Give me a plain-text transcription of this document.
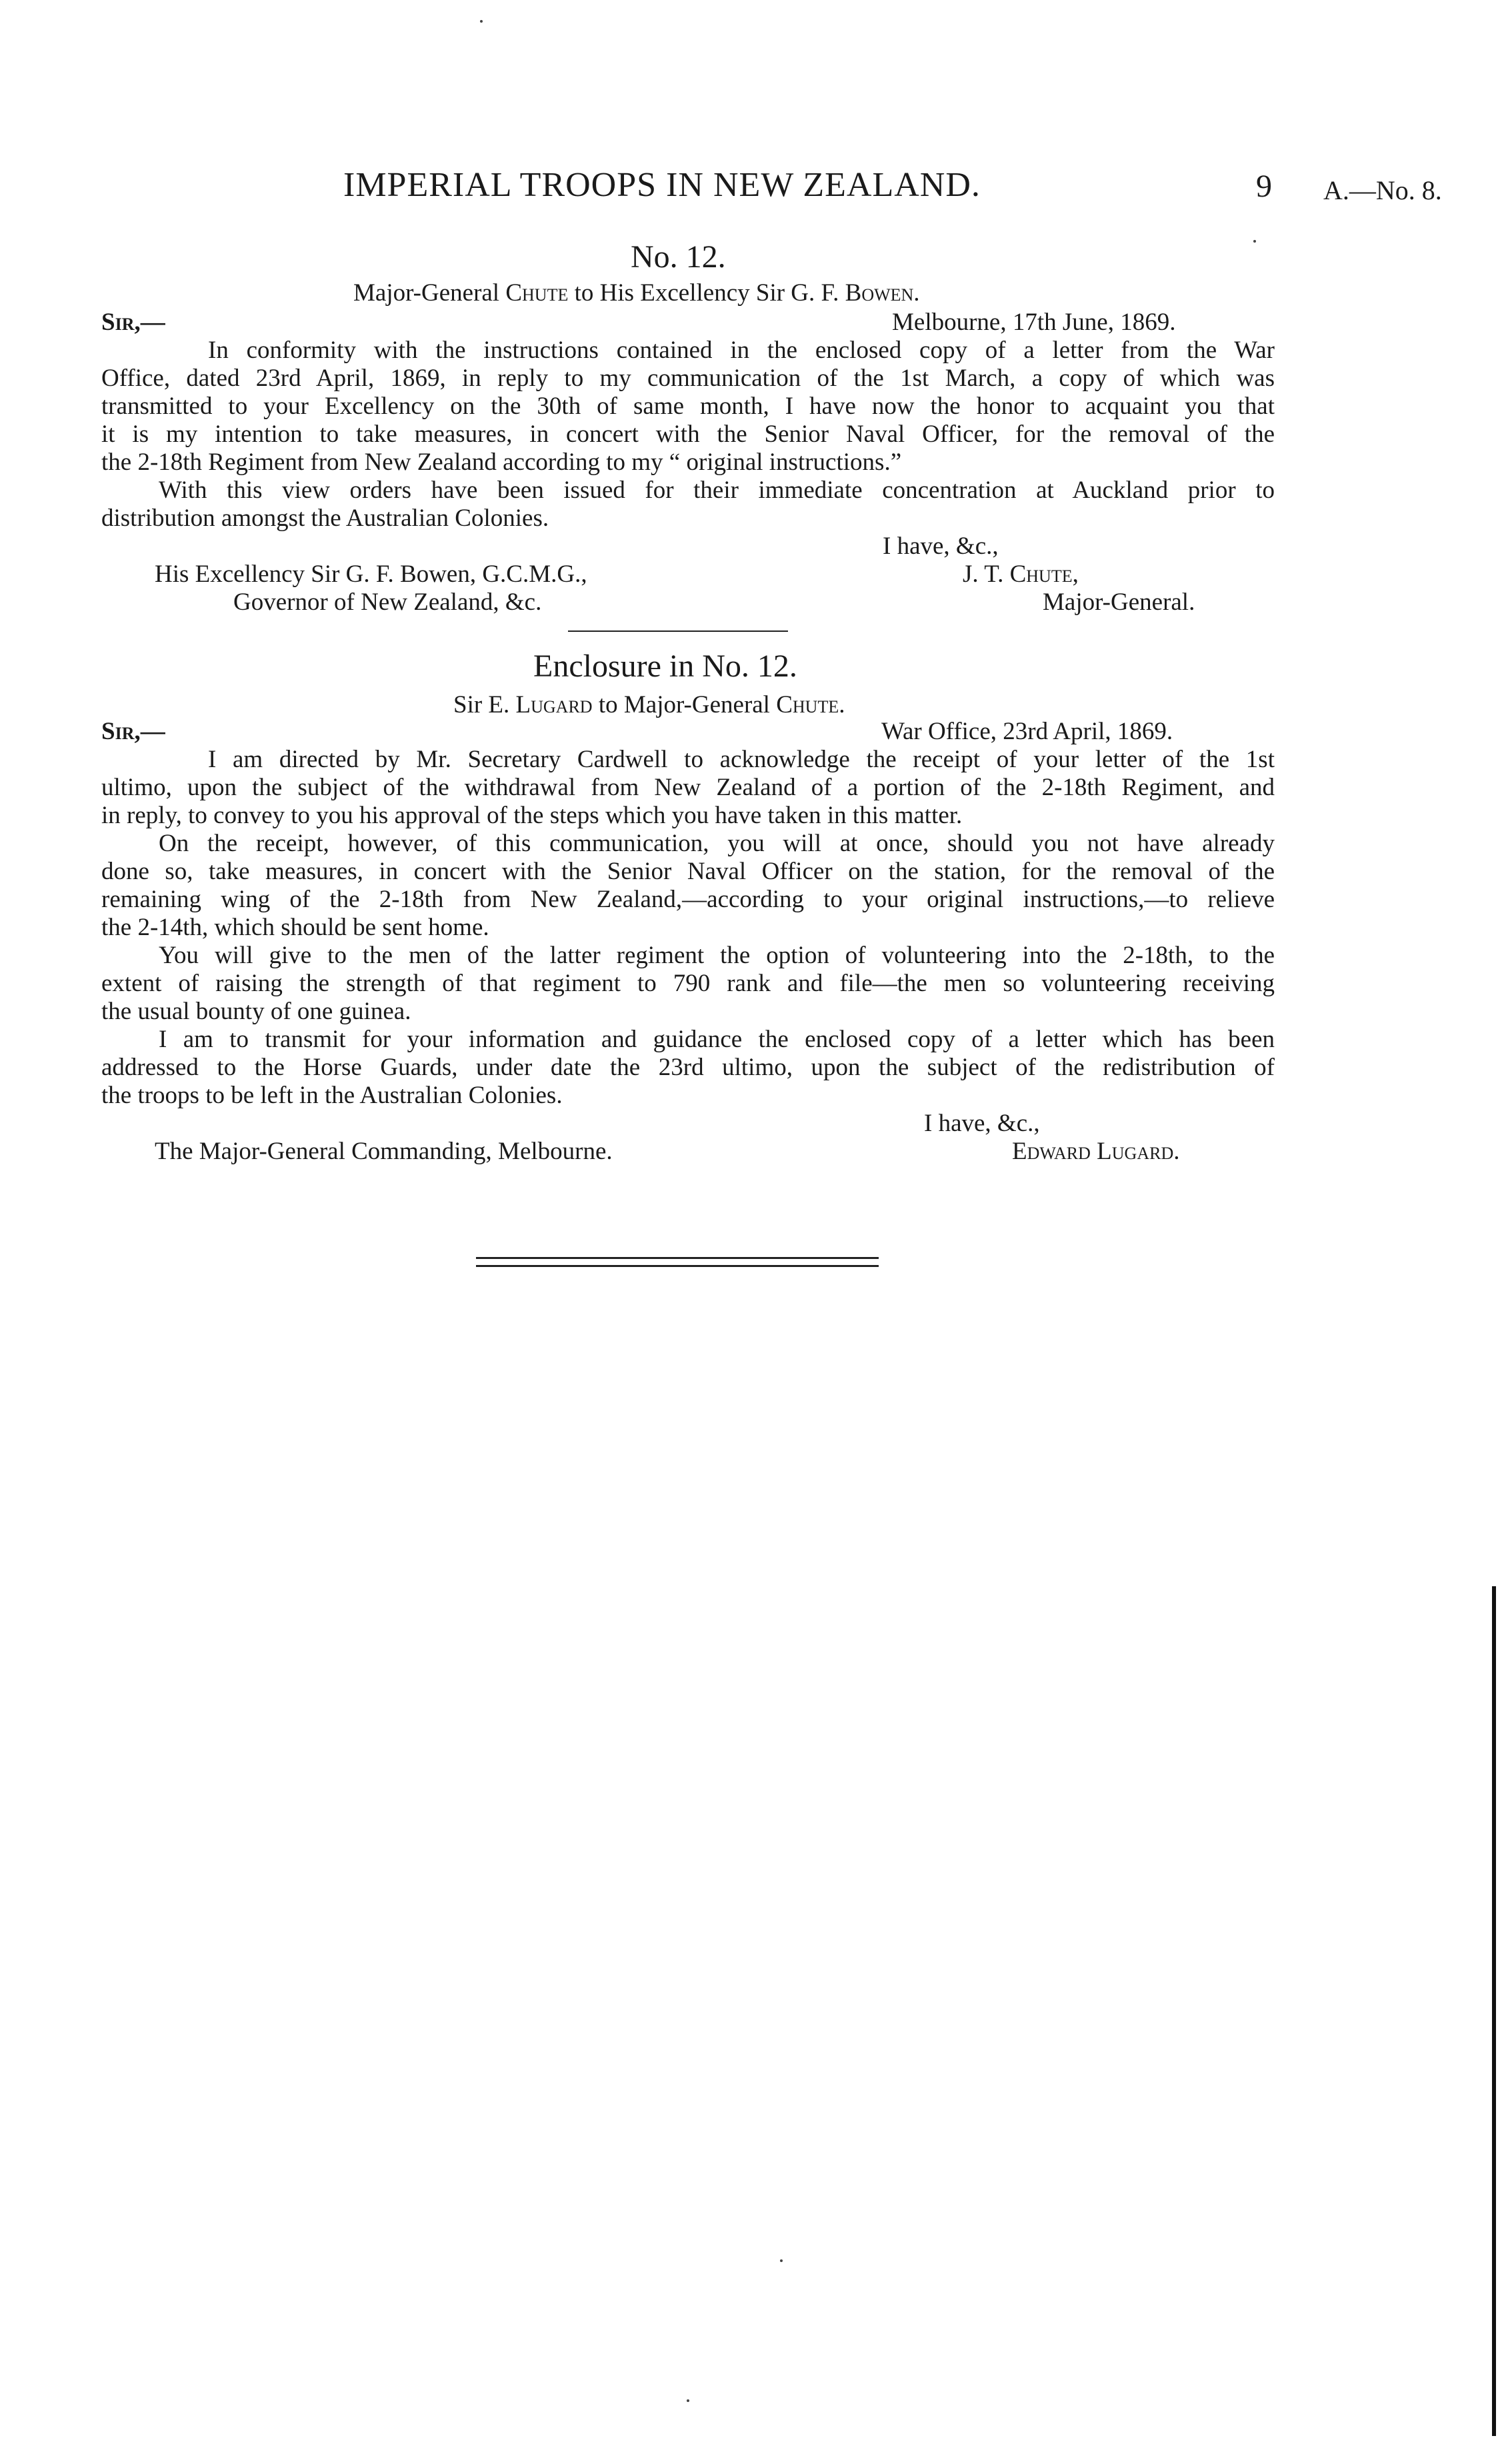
IMPERIAL TROOPS IN NEW ZEALAND.	9 A.—No. 8.
No. 12.
Major-General Chute to His Excellency Sir G. F. Bowen.
Sir,—	Melbourne, 17th June, 1869.
In conformity with the instructions contained in the enclosed copy of a letter from the War
Office, dated 23rd April, 1869, in reply to my communication of the 1st March, a copy of which was
transmitted to your Excellency on the 30th of same month, I have now the honor to acquaint you that
it is my intention to take measures, in concert with the Senior Naval Officer, for the removal of the
the 2-18th Regiment from New Zealand according to my “ original instructions.”
With this view orders have been issued for their immediate concentration at Auckland prior to
distribution amongst the Australian Colonies.
I have, &c.,
His Excellency Sir G. F. Bowen, G.C.M.G.,	J. T. Chute,
Governor of New Zealand, &c.	Major-General.
Enclosure in No. 12.
Sir E. Lugard to Major-General Chute.
Sir,—	War Office, 23rd April, 1869.
I am directed by Mr. Secretary Cardwell to acknowledge the receipt of your letter of the 1st
ultimo, upon the subject of the withdrawal from New Zealand of a portion of the 2-18th Regiment, and
in reply, to convey to you his approval of the steps which you have taken in this matter.
On the receipt, however, of this communication, you will at once, should you not have already
done so, take measures, in concert with the Senior Naval Officer on the station, for the removal of the
remaining wing of the 2-18th from New Zealand,—according to your original instructions,—to relieve
the 2-14th, which should be sent home.
You will give to the men of the latter regiment the option of volunteering into the 2-18th, to the
extent of raising the strength of that regiment to 790 rank and file—the men so volunteering receiving
the usual bounty of one guinea.
I am to transmit for your information and guidance the enclosed copy of a letter which has been
addressed to the Horse Guards, under date the 23rd ultimo, upon the subject of the redistribution of
the troops to be left in the Australian Colonies.
I have, &c.,
The Major-General Commanding, Melbourne.	Edward Lugard.
